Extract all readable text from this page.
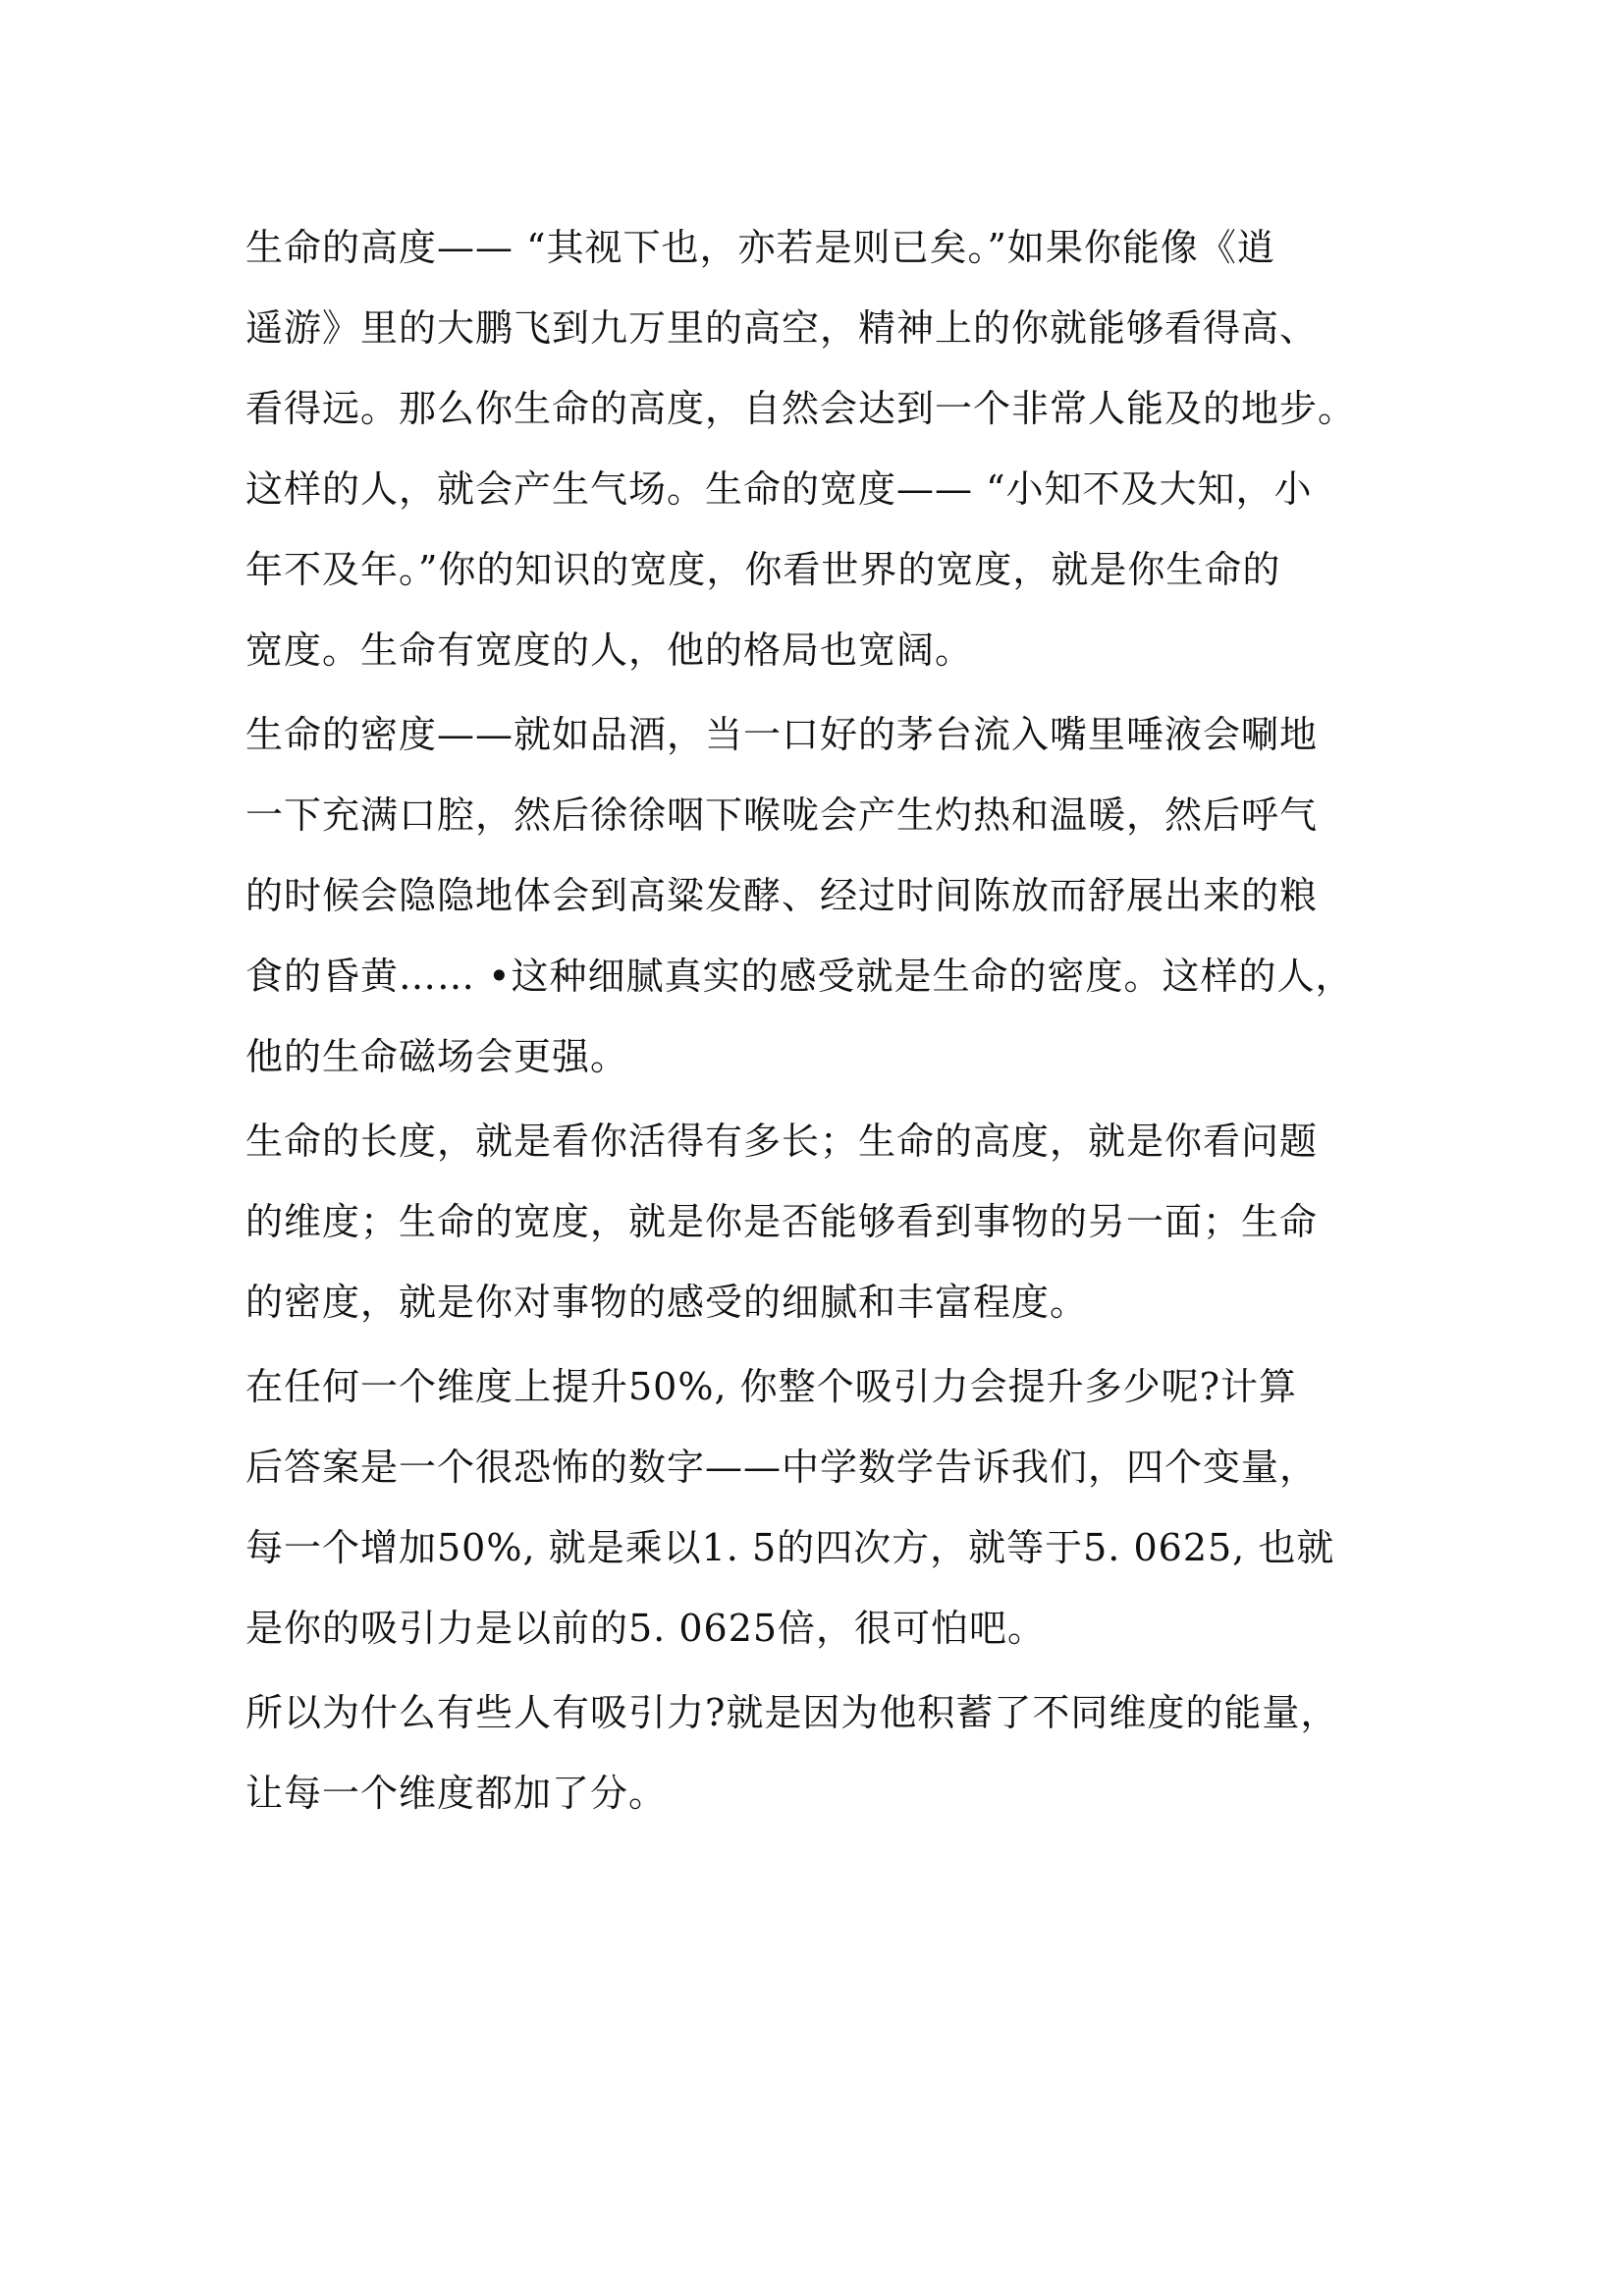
生命的高度—— “其视下也，亦若是则已矣。”如果你能像《逍
遥游》里的大鹏飞到九万里的高空，精神上的你就能够看得高、
看得远。那么你生命的高度，自然会达到一个非常人能及的地步。
这样的人，就会产生气场。生命的宽度—— “小知不及大知，小
年不及年。”你的知识的宽度，你看世界的宽度，就是你生命的
宽度。生命有宽度的人，他的格局也宽阔。
生命的密度——就如品酒，当一口好的茅台流入嘴里唾液会唰地
一下充满口腔，然后徐徐咽下喉咙会产生灼热和温暖，然后呼气
的时候会隐隐地体会到高粱发酵、经过时间陈放而舒展出来的粮
食的昏黄…… •这种细腻真实的感受就是生命的密度。这样的人，
他的生命磁场会更强。
生命的长度，就是看你活得有多长；生命的高度，就是你看问题
的维度；生命的宽度，就是你是否能够看到事物的另一面；生命
的密度，就是你对事物的感受的细腻和丰富程度。
在任何一个维度上提升50%, 你整个吸引力会提升多少呢?计算
后答案是一个很恐怖的数字——中学数学告诉我们，四个变量，
每一个增加50%, 就是乘以1. 5的四次方，就等于5. 0625, 也就
是你的吸引力是以前的5. 0625倍，很可怕吧。
所以为什么有些人有吸引力?就是因为他积蓄了不同维度的能量，
让每一个维度都加了分。
